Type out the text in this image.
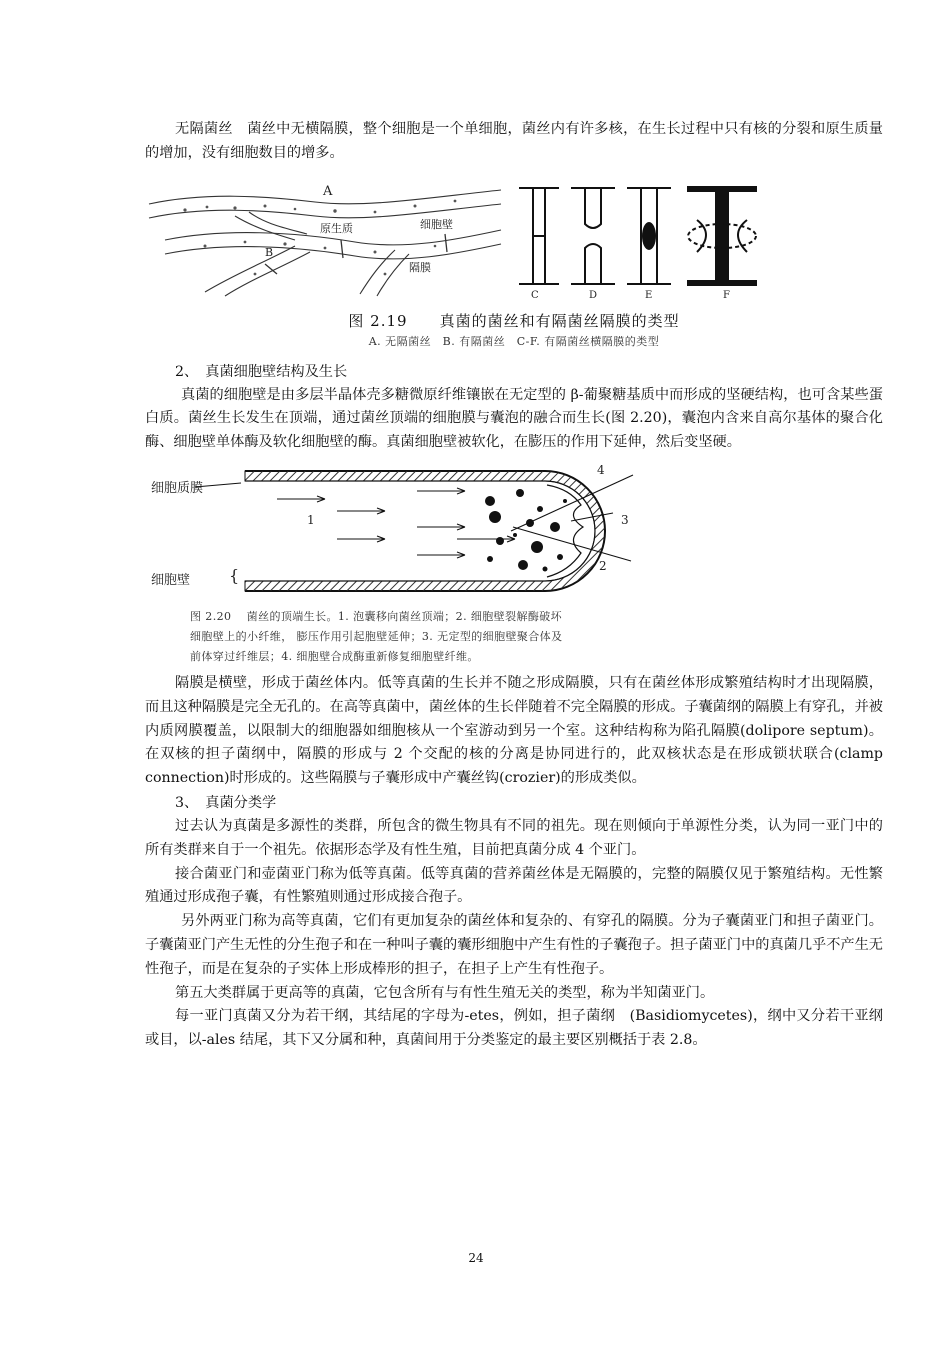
无隔菌丝　菌丝中无横隔膜，整个细胞是一个单细胞，菌丝内有许多核，在生长过程中只有核的分裂和原生质量的增加，没有细胞数目的增多。

A
原生质	细胞壁
B
隔膜
C	D	E	F
图 2.19　　真菌的菌丝和有隔菌丝隔膜的类型
A. 无隔菌丝　B. 有隔菌丝　C-F. 有隔菌丝横隔膜的类型

2、　真菌细胞壁结构及生长

真菌的细胞壁是由多层半晶体壳多糖微原纤维镶嵌在无定型的 β-葡聚糖基质中而形成的坚硬结构，也可含某些蛋白质。菌丝生长发生在顶端，通过菌丝顶端的细胞膜与囊泡的融合而生长(图 2.20)，囊泡内含来自高尔基体的聚合化酶、细胞壁单体酶及软化细胞壁的酶。真菌细胞壁被软化，在膨压的作用下延伸，然后变坚硬。

细胞质膜
细胞壁 {
1
2
3
4
图 2.20　 菌丝的顶端生长。1. 泡囊移向菌丝顶端；2. 细胞壁裂解酶破坏
细胞壁上的小纤维， 膨压作用引起胞壁延伸；3. 无定型的细胞壁聚合体及
前体穿过纤维层；4. 细胞壁合成酶重新修复细胞壁纤维。

隔膜是横壁，形成于菌丝体内。低等真菌的生长并不随之形成隔膜，只有在菌丝体形成繁殖结构时才出现隔膜，而且这种隔膜是完全无孔的。在高等真菌中，菌丝体的生长伴随着不完全隔膜的形成。子囊菌纲的隔膜上有穿孔，并被内质网膜覆盖，以限制大的细胞器如细胞核从一个室游动到另一个室。这种结构称为陷孔隔膜(dolipore septum)。在双核的担子菌纲中，隔膜的形成与 2 个交配的核的分离是协同进行的，此双核状态是在形成锁状联合(clamp connection)时形成的。这些隔膜与子囊形成中产囊丝钩(crozier)的形成类似。

3、　真菌分类学

过去认为真菌是多源性的类群，所包含的微生物具有不同的祖先。现在则倾向于单源性分类，认为同一亚门中的所有类群来自于一个祖先。依据形态学及有性生殖，目前把真菌分成 4 个亚门。

接合菌亚门和壶菌亚门称为低等真菌。低等真菌的营养菌丝体是无隔膜的，完整的隔膜仅见于繁殖结构。无性繁殖通过形成孢子囊，有性繁殖则通过形成接合孢子。

另外两亚门称为高等真菌，它们有更加复杂的菌丝体和复杂的、有穿孔的隔膜。分为子囊菌亚门和担子菌亚门。子囊菌亚门产生无性的分生孢子和在一种叫子囊的囊形细胞中产生有性的子囊孢子。担子菌亚门中的真菌几乎不产生无性孢子，而是在复杂的子实体上形成棒形的担子，在担子上产生有性孢子。

第五大类群属于更高等的真菌，它包含所有与有性生殖无关的类型，称为半知菌亚门。

每一亚门真菌又分为若干纲，其结尾的字母为-etes，例如，担子菌纲　(Basidiomycetes)，纲中又分若干亚纲或目，以-ales 结尾，其下又分属和种，真菌间用于分类鉴定的最主要区别概括于表 2.8。

24
